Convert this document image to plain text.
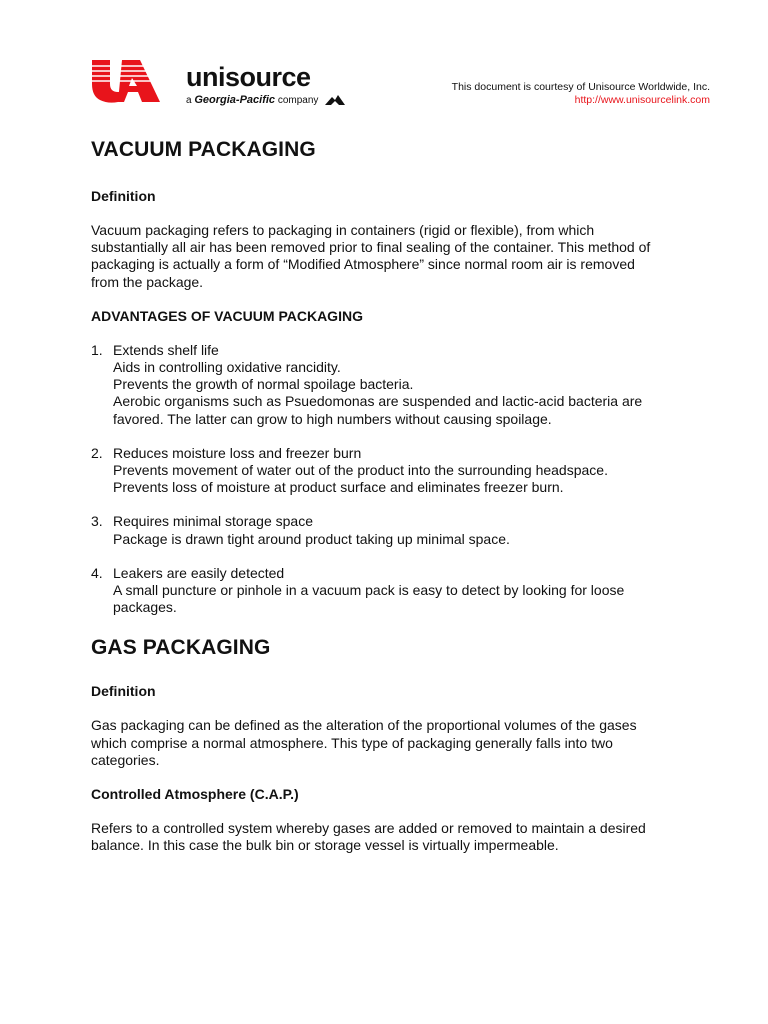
unisource
a Georgia-Pacific company
This document is courtesy of Unisource Worldwide, Inc.
http://www.unisourcelink.com
VACUUM PACKAGING
Definition

Vacuum packaging refers to packaging in containers (rigid or flexible), from which substantially all air has been removed prior to final sealing of the container. This method of packaging is actually a form of “Modified Atmosphere” since normal room air is removed from the package.

ADVANTAGES OF VACUUM PACKAGING
1. Extends shelf life
Aids in controlling oxidative rancidity.
Prevents the growth of normal spoilage bacteria.
Aerobic organisms such as Psuedomonas are suspended and lactic-acid bacteria are favored. The latter can grow to high numbers without causing spoilage.
2. Reduces moisture loss and freezer burn
Prevents movement of water out of the product into the surrounding headspace.
Prevents loss of moisture at product surface and eliminates freezer burn.
3. Requires minimal storage space
Package is drawn tight around product taking up minimal space.
4. Leakers are easily detected
A small puncture or pinhole in a vacuum pack is easy to detect by looking for loose packages.
GAS PACKAGING
Definition

Gas packaging can be defined as the alteration of the proportional volumes of the gases which comprise a normal atmosphere. This type of packaging generally falls into two categories.

Controlled Atmosphere (C.A.P.)

Refers to a controlled system whereby gases are added or removed to maintain a desired balance. In this case the bulk bin or storage vessel is virtually impermeable.
